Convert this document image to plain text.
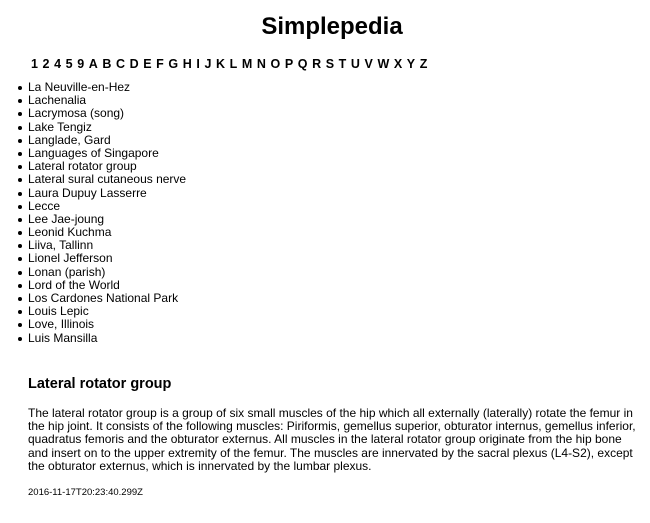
Simplepedia
1 2 4 5 9 A B C D E F G H I J K L M N O P Q R S T U V W X Y Z
La Neuville-en-Hez
Lachenalia
Lacrymosa (song)
Lake Tengiz
Langlade, Gard
Languages of Singapore
Lateral rotator group
Lateral sural cutaneous nerve
Laura Dupuy Lasserre
Lecce
Lee Jae-joung
Leonid Kuchma
Liiva, Tallinn
Lionel Jefferson
Lonan (parish)
Lord of the World
Los Cardones National Park
Louis Lepic
Love, Illinois
Luis Mansilla
Lateral rotator group

The lateral rotator group is a group of six small muscles of the hip which all externally (laterally) rotate the femur in the hip joint. It consists of the following muscles: Piriformis, gemellus superior, obturator internus, gemellus inferior, quadratus femoris and the obturator externus. All muscles in the lateral rotator group originate from the hip bone and insert on to the upper extremity of the femur. The muscles are innervated by the sacral plexus (L4-S2), except the obturator externus, which is innervated by the lumbar plexus.

2016-11-17T20:23:40.299Z
